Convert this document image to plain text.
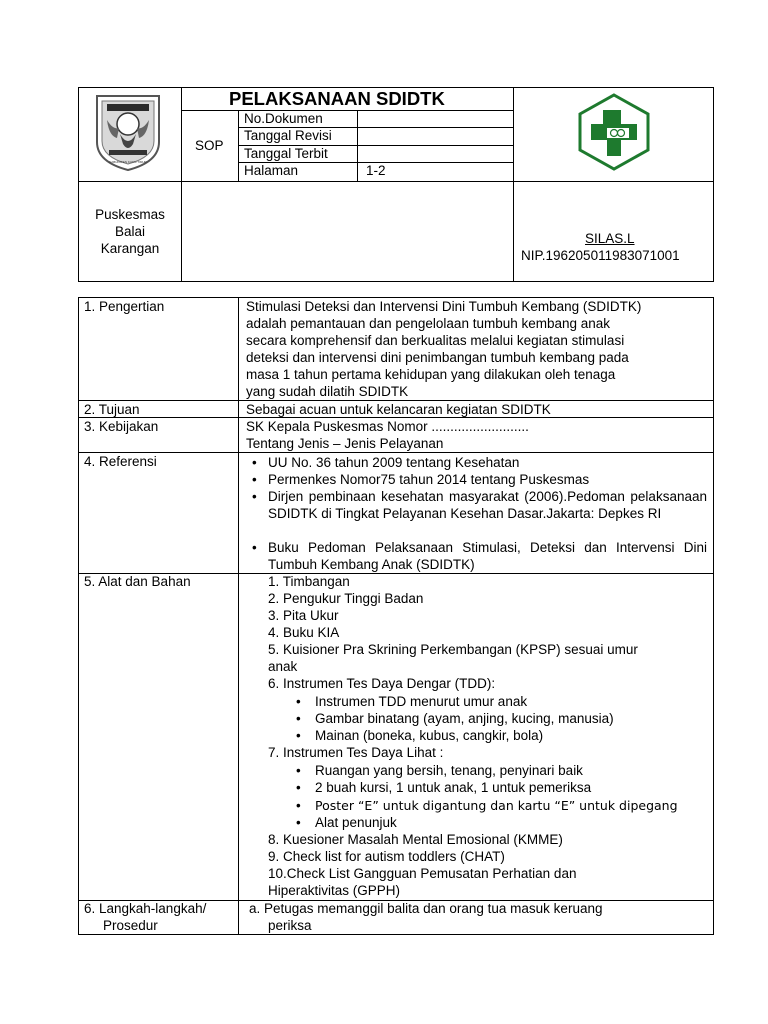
KABUPATEN KUTAI TIMUR
PELAKSANAAN SDIDTK
SOP
No.Dokumen
Tanggal Revisi
Tanggal Terbit
Halaman	1-2
Puskesmas
Balai
Karangan
SILAS.L
NIP.196205011983071001
1. Pengertian	Stimulasi Deteksi dan Intervensi Dini Tumbuh Kembang (SDIDTK)
adalah pemantauan dan pengelolaan tumbuh kembang anak
secara komprehensif dan berkualitas melalui kegiatan stimulasi
deteksi dan intervensi dini penimbangan tumbuh kembang pada
masa 1 tahun pertama kehidupan yang dilakukan oleh tenaga
yang sudah dilatih SDIDTK
2. Tujuan	Sebagai acuan untuk kelancaran kegiatan SDIDTK
3. Kebijakan	SK Kepala Puskesmas Nomor ..........................
Tentang Jenis – Jenis Pelayanan
4. Referensi
•	UU No. 36 tahun 2009 tentang Kesehatan
•
Permenkes Nomor75 tahun 2014 tentang Puskesmas
•
Dirjen pembinaan kesehatan masyarakat (2006).Pedoman pelaksanaan SDIDTK di Tingkat Pelayanan Kesehan Dasar.Jakarta: Depkes RI
•
Buku Pedoman Pelaksanaan Stimulasi, Deteksi dan Intervensi Dini Tumbuh Kembang Anak (SDIDTK)
5. Alat dan Bahan	1. Timbangan
2. Pengukur Tinggi Badan
3. Pita Ukur
4. Buku KIA
5. Kuisioner Pra Skrining Perkembangan (KPSP) sesuai umur
anak
6. Instrumen Tes Daya Dengar (TDD):
•
Instrumen TDD menurut umur anak
•
Gambar binatang (ayam, anjing, kucing, manusia)
•
Mainan (boneka, kubus, cangkir, bola)
7. Instrumen Tes Daya Lihat :
•
Ruangan yang bersih, tenang, penyinari baik
•
2 buah kursi, 1 untuk anak, 1 untuk pemeriksa
•
Poster “E” untuk digantung dan kartu “E” untuk dipegang
•
Alat penunjuk
8. Kuesioner Masalah Mental Emosional (KMME)
9. Check list for autism toddlers (CHAT)
10.Check List Gangguan Pemusatan Perhatian dan
Hiperaktivitas (GPPH)
6. Langkah-langkah/
Prosedur
a. Petugas memanggil balita dan orang tua masuk keruang
periksa
